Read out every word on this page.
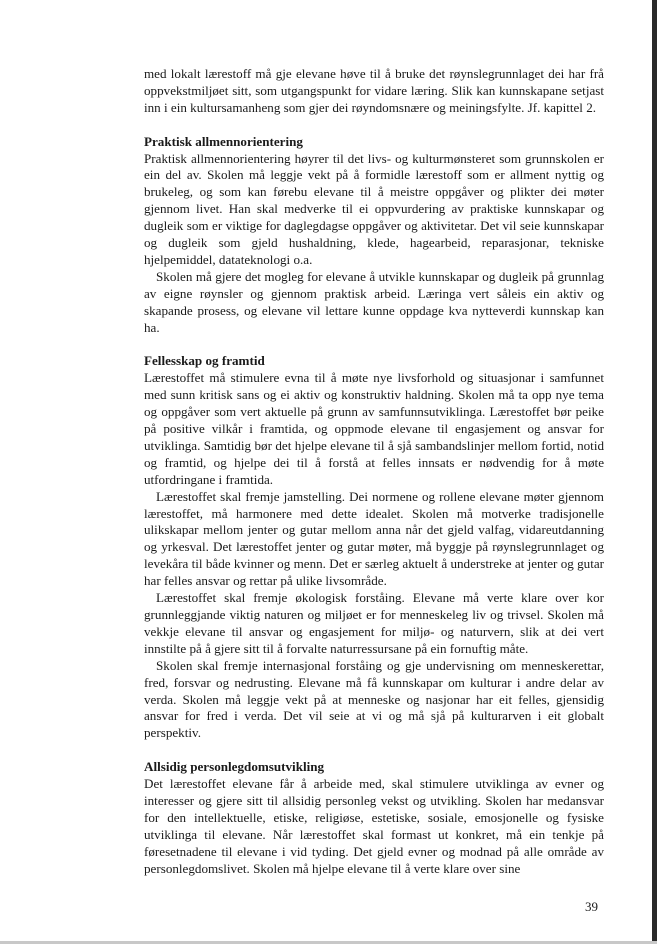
med lokalt lærestoff må gje elevane høve til å bruke det røynslegrunnlaget dei har frå oppvekstmiljøet sitt, som utgangspunkt for vidare læring. Slik kan kunnskapane setjast inn i ein kultursamanheng som gjer dei røyndomsnære og meiningsfylte. Jf. kapittel 2.

Praktisk allmennorientering

Praktisk allmennorientering høyrer til det livs- og kulturmønsteret som grunnskolen er ein del av. Skolen må leggje vekt på å formidle lærestoff som er allment nyttig og brukeleg, og som kan førebu elevane til å meistre oppgåver og plikter dei møter gjennom livet. Han skal medverke til ei oppvurdering av praktiske kunnskapar og dugleik som er viktige for daglegdagse oppgåver og aktivitetar. Det vil seie kunnskapar og dugleik som gjeld hushaldning, klede, hagearbeid, reparasjonar, tekniske hjelpemiddel, datateknologi o.a.

Skolen må gjere det mogleg for elevane å utvikle kunnskapar og dugleik på grunnlag av eigne røynsler og gjennom praktisk arbeid. Læringa vert såleis ein aktiv og skapande prosess, og elevane vil lettare kunne oppdage kva nytteverdi kunnskap kan ha.

Fellesskap og framtid

Lærestoffet må stimulere evna til å møte nye livsforhold og situasjonar i samfunnet med sunn kritisk sans og ei aktiv og konstruktiv haldning. Skolen må ta opp nye tema og oppgåver som vert aktuelle på grunn av samfunnsutviklinga. Lærestoffet bør peike på positive vilkår i framtida, og oppmode elevane til engasjement og ansvar for utviklinga. Samtidig bør det hjelpe elevane til å sjå sambandslinjer mellom fortid, notid og framtid, og hjelpe dei til å forstå at felles innsats er nødvendig for å møte utfordringane i framtida.

Lærestoffet skal fremje jamstelling. Dei normene og rollene elevane møter gjennom lærestoffet, må harmonere med dette idealet. Skolen må motverke tradisjonelle ulikskapar mellom jenter og gutar mellom anna når det gjeld valfag, vidareutdanning og yrkesval. Det lærestoffet jenter og gutar møter, må byggje på røynslegrunnlaget og levekåra til både kvinner og menn. Det er særleg aktuelt å understreke at jenter og gutar har felles ansvar og rettar på ulike livsområde.

Lærestoffet skal fremje økologisk forståing. Elevane må verte klare over kor grunnleggjande viktig naturen og miljøet er for menneskeleg liv og trivsel. Skolen må vekkje elevane til ansvar og engasjement for miljø- og naturvern, slik at dei vert innstilte på å gjere sitt til å forvalte naturressursane på ein fornuftig måte.

Skolen skal fremje internasjonal forståing og gje undervisning om menneskerettar, fred, forsvar og nedrusting. Elevane må få kunnskapar om kulturar i andre delar av verda. Skolen må leggje vekt på at menneske og nasjonar har eit felles, gjensidig ansvar for fred i verda. Det vil seie at vi og må sjå på kulturarven i eit globalt perspektiv.

Allsidig personlegdomsutvikling

Det lærestoffet elevane får å arbeide med, skal stimulere utviklinga av evner og interesser og gjere sitt til allsidig personleg vekst og utvikling. Skolen har medansvar for den intellektuelle, etiske, religiøse, estetiske, sosiale, emosjonelle og fysiske utviklinga til elevane. Når lærestoffet skal formast ut konkret, må ein tenkje på føresetnadene til elevane i vid tyding. Det gjeld evner og modnad på alle område av personlegdomslivet. Skolen må hjelpe elevane til å verte klare over sine

39
